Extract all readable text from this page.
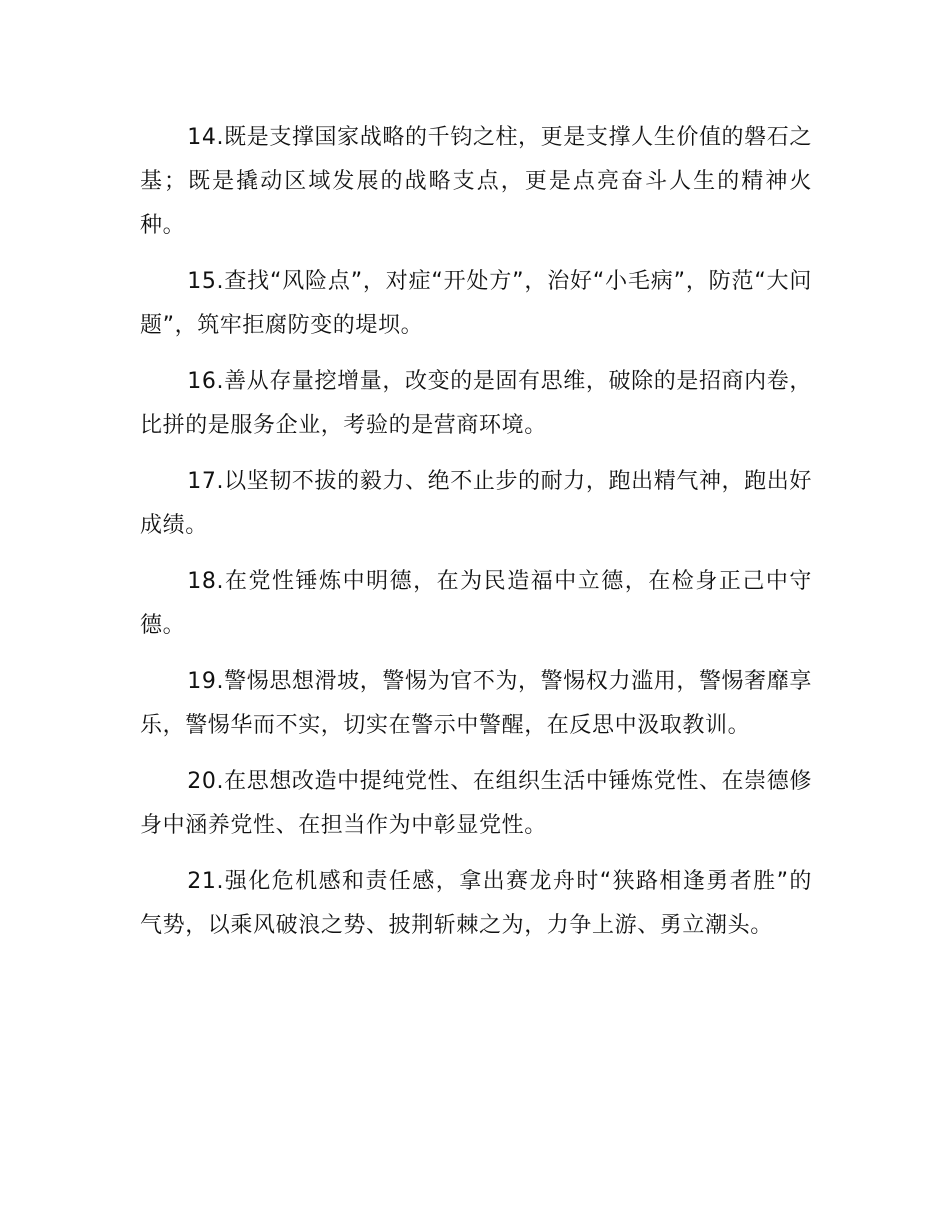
14.既是支撑国家战略的千钧之柱，更是支撑人生价值的磐石之基；既是撬动区域发展的战略支点，更是点亮奋斗人生的精神火种。

15.查找“风险点”，对症“开处方”，治好“小毛病”，防范“大问题”，筑牢拒腐防变的堤坝。

16.善从存量挖增量，改变的是固有思维，破除的是招商内卷，比拼的是服务企业，考验的是营商环境。

17.以坚韧不拔的毅力、绝不止步的耐力，跑出精气神，跑出好成绩。

18.在党性锤炼中明德，在为民造福中立德，在检身正己中守德。

19.警惕思想滑坡，警惕为官不为，警惕权力滥用，警惕奢靡享乐，警惕华而不实，切实在警示中警醒，在反思中汲取教训。

20.在思想改造中提纯党性、在组织生活中锤炼党性、在崇德修身中涵养党性、在担当作为中彰显党性。

21.强化危机感和责任感，拿出赛龙舟时“狭路相逢勇者胜”的气势，以乘风破浪之势、披荆斩棘之为，力争上游、勇立潮头。
